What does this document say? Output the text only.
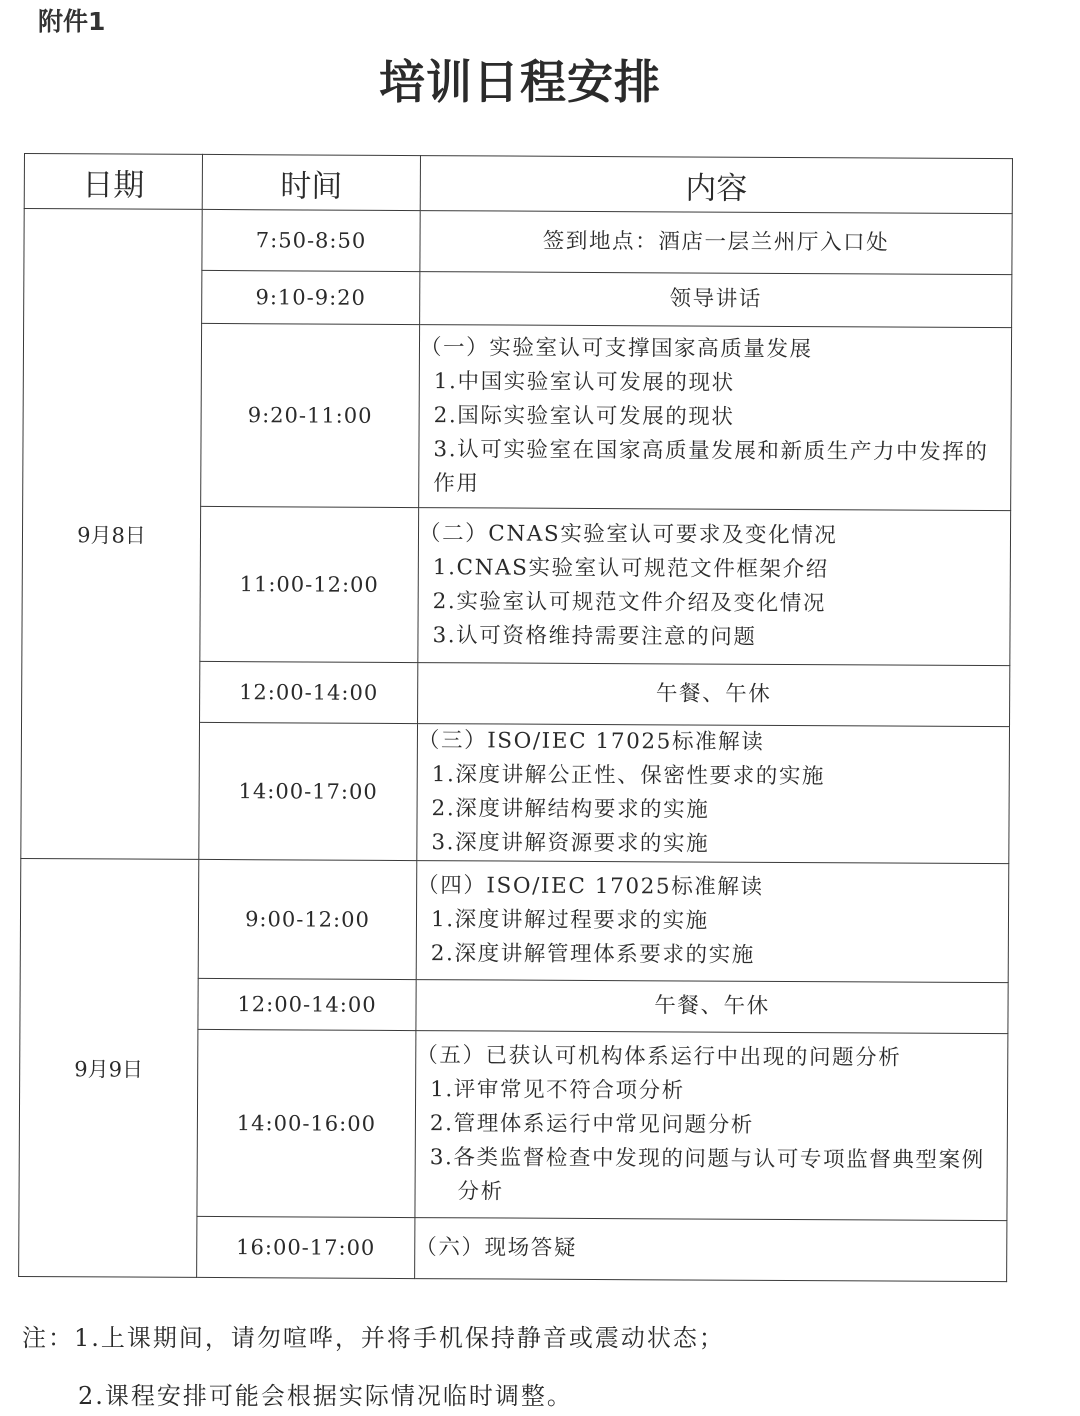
附件1
培训日程安排
日期	时间	内容
9月8日	7:50-8:50	签到地点：酒店一层兰州厅入口处
	9:10-9:20	领导讲话
	9:20-11:00	（一）实验室认可支撑国家高质量发展
1.中国实验室认可发展的现状
2.国际实验室认可发展的现状
3.认可实验室在国家高质量发展和新质生产力中发挥的作用

	11:00-12:00	（二）CNAS实验室认可要求及变化情况
1.CNAS实验室认可规范文件框架介绍
2.实验室认可规范文件介绍及变化情况
3.认可资格维持需要注意的问题

	12:00-14:00	午餐、午休
	14:00-17:00	（三）ISO/IEC 17025标准解读
1.深度讲解公正性、保密性要求的实施
2.深度讲解结构要求的实施
3.深度讲解资源要求的实施

9月9日	9:00-12:00	（四）ISO/IEC 17025标准解读
1.深度讲解过程要求的实施
2.深度讲解管理体系要求的实施

	12:00-14:00	午餐、午休
	14:00-16:00	（五）已获认可机构体系运行中出现的问题分析
1.评审常见不符合项分析
2.管理体系运行中常见问题分析
3.各类监督检查中发现的问题与认可专项监督典型案例分析

	16:00-17:00	（六）现场答疑
注：1.上课期间，请勿喧哗，并将手机保持静音或震动状态；
2.课程安排可能会根据实际情况临时调整。
